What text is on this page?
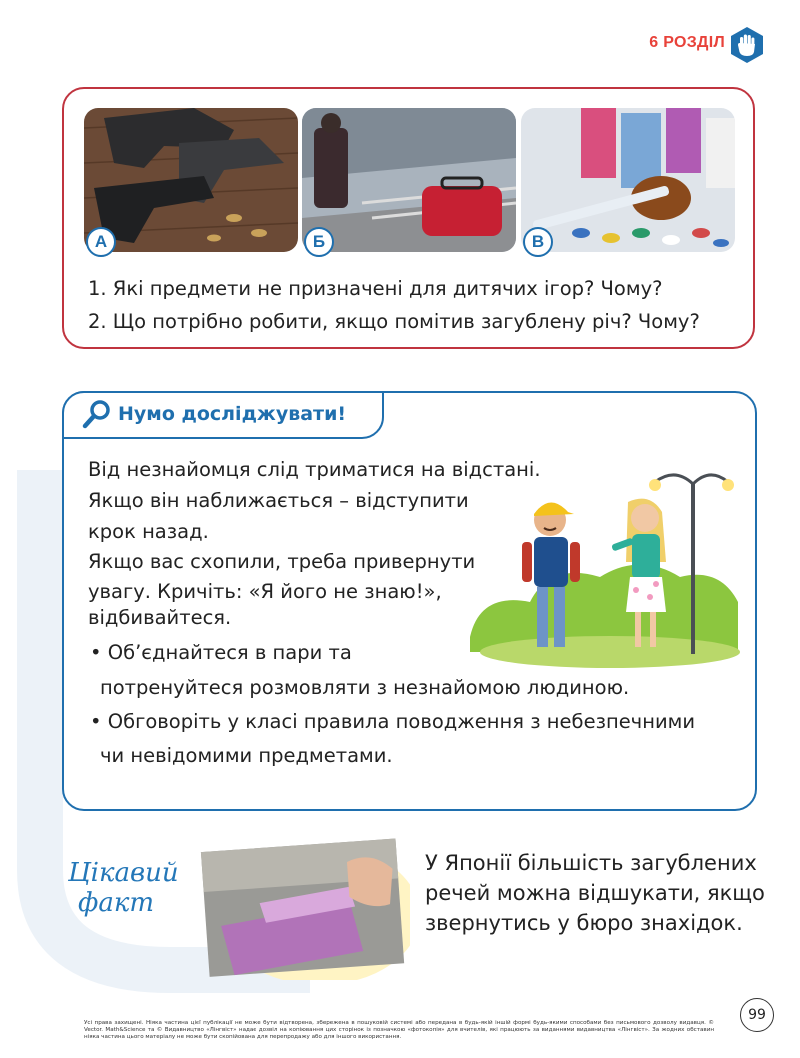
6 РОЗДІЛ
А	Б	В
1. Які предмети не призначені для дитячих ігор? Чому?
2. Що потрібно робити, якщо помітив загублену річ? Чому?
Нумо досліджувати!
Від незнайомця слід триматися на відстані.
Якщо він наближається – відступити
крок назад.
Якщо вас схопили, треба привернути
увагу. Кричіть: «Я його не знаю!»,
відбивайтеся.
• Об’єднайтеся в пари та
потренуйтеся розмовляти з незнайомою людиною.
• Обговоріть у класі правила поводження з небезпечними
чи невідомими предметами.
Цікавий
факт
У Японії більшість загублених
речей можна відшукати, якщо
звернутись у бюро знахідок.
Усі права захищені. Ніяка частина цієї публікації не може бути відтворена, збережена в пошуковій системі або передана в будь-якій іншій формі будь-якими способами без письмового дозволу видавця. © Vector. Math&Science та © Видавництво «Лінгвіст» надає дозвіл на копіювання цих сторінок із позначкою «фотокопія» для вчителів, які працюють за виданнями видавництва «Лінгвіст». За жодних обставин ніяка частина цього матеріалу не може бути скопійована для перепродажу або для іншого використання.
99
